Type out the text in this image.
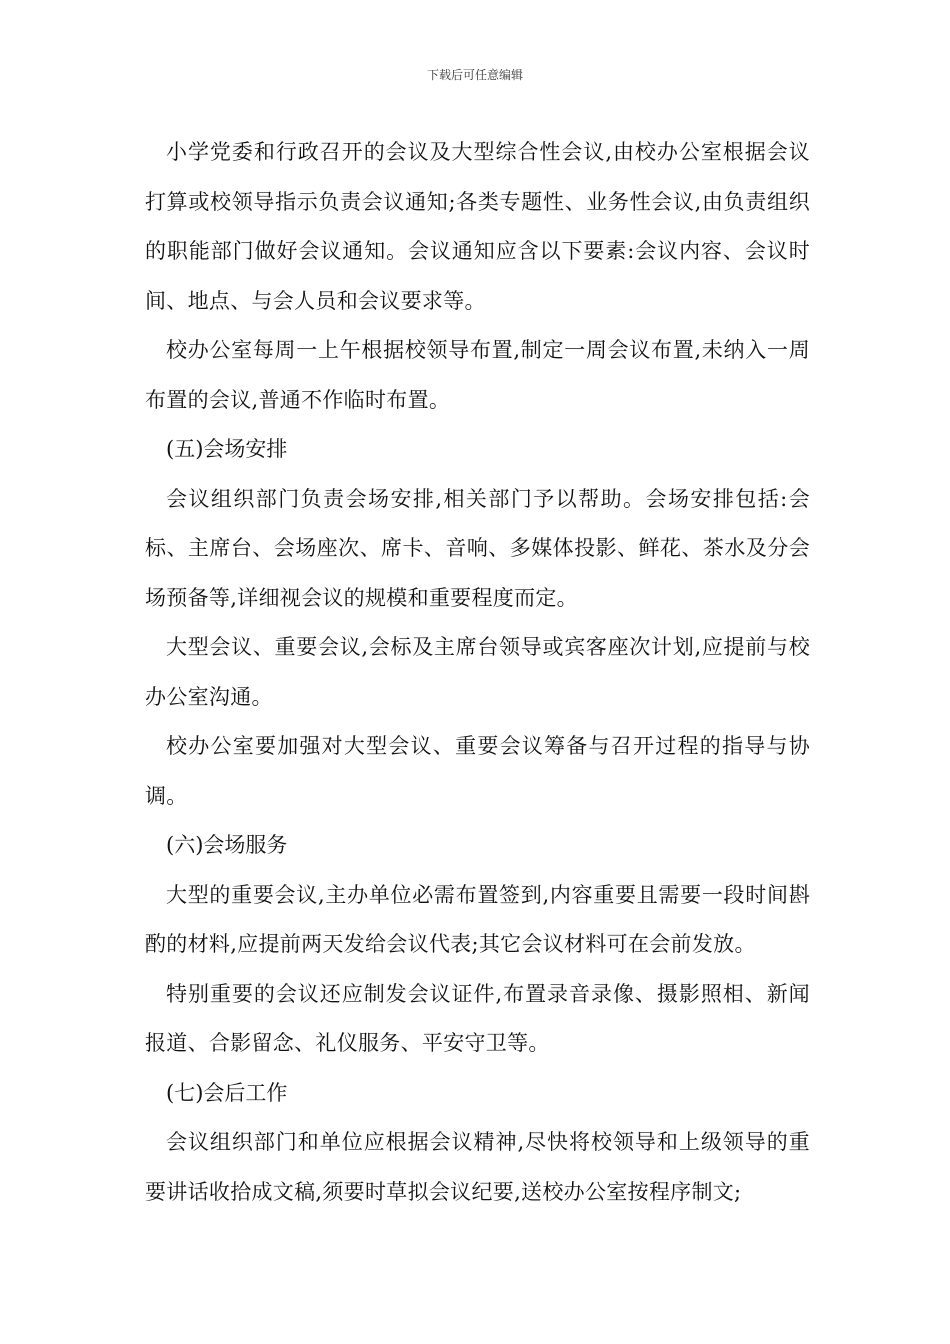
下载后可任意编辑

小学党委和行政召开的会议及大型综合性会议,由校办公室根据会议打算或校领导指示负责会议通知;各类专题性、业务性会议,由负责组织的职能部门做好会议通知。会议通知应含以下要素:会议内容、会议时间、地点、与会人员和会议要求等。

校办公室每周一上午根据校领导布置,制定一周会议布置,未纳入一周布置的会议,普通不作临时布置。

(五)会场安排

会议组织部门负责会场安排,相关部门予以帮助。会场安排包括:会标、主席台、会场座次、席卡、音响、多媒体投影、鲜花、茶水及分会场预备等,详细视会议的规模和重要程度而定。

大型会议、重要会议,会标及主席台领导或宾客座次计划,应提前与校办公室沟通。

校办公室要加强对大型会议、重要会议筹备与召开过程的指导与协调。

(六)会场服务

大型的重要会议,主办单位必需布置签到,内容重要且需要一段时间斟酌的材料,应提前两天发给会议代表;其它会议材料可在会前发放。

特别重要的会议还应制发会议证件,布置录音录像、摄影照相、新闻报道、合影留念、礼仪服务、平安守卫等。

(七)会后工作

会议组织部门和单位应根据会议精神,尽快将校领导和上级领导的重要讲话收拾成文稿,须要时草拟会议纪要,送校办公室按程序制文;
